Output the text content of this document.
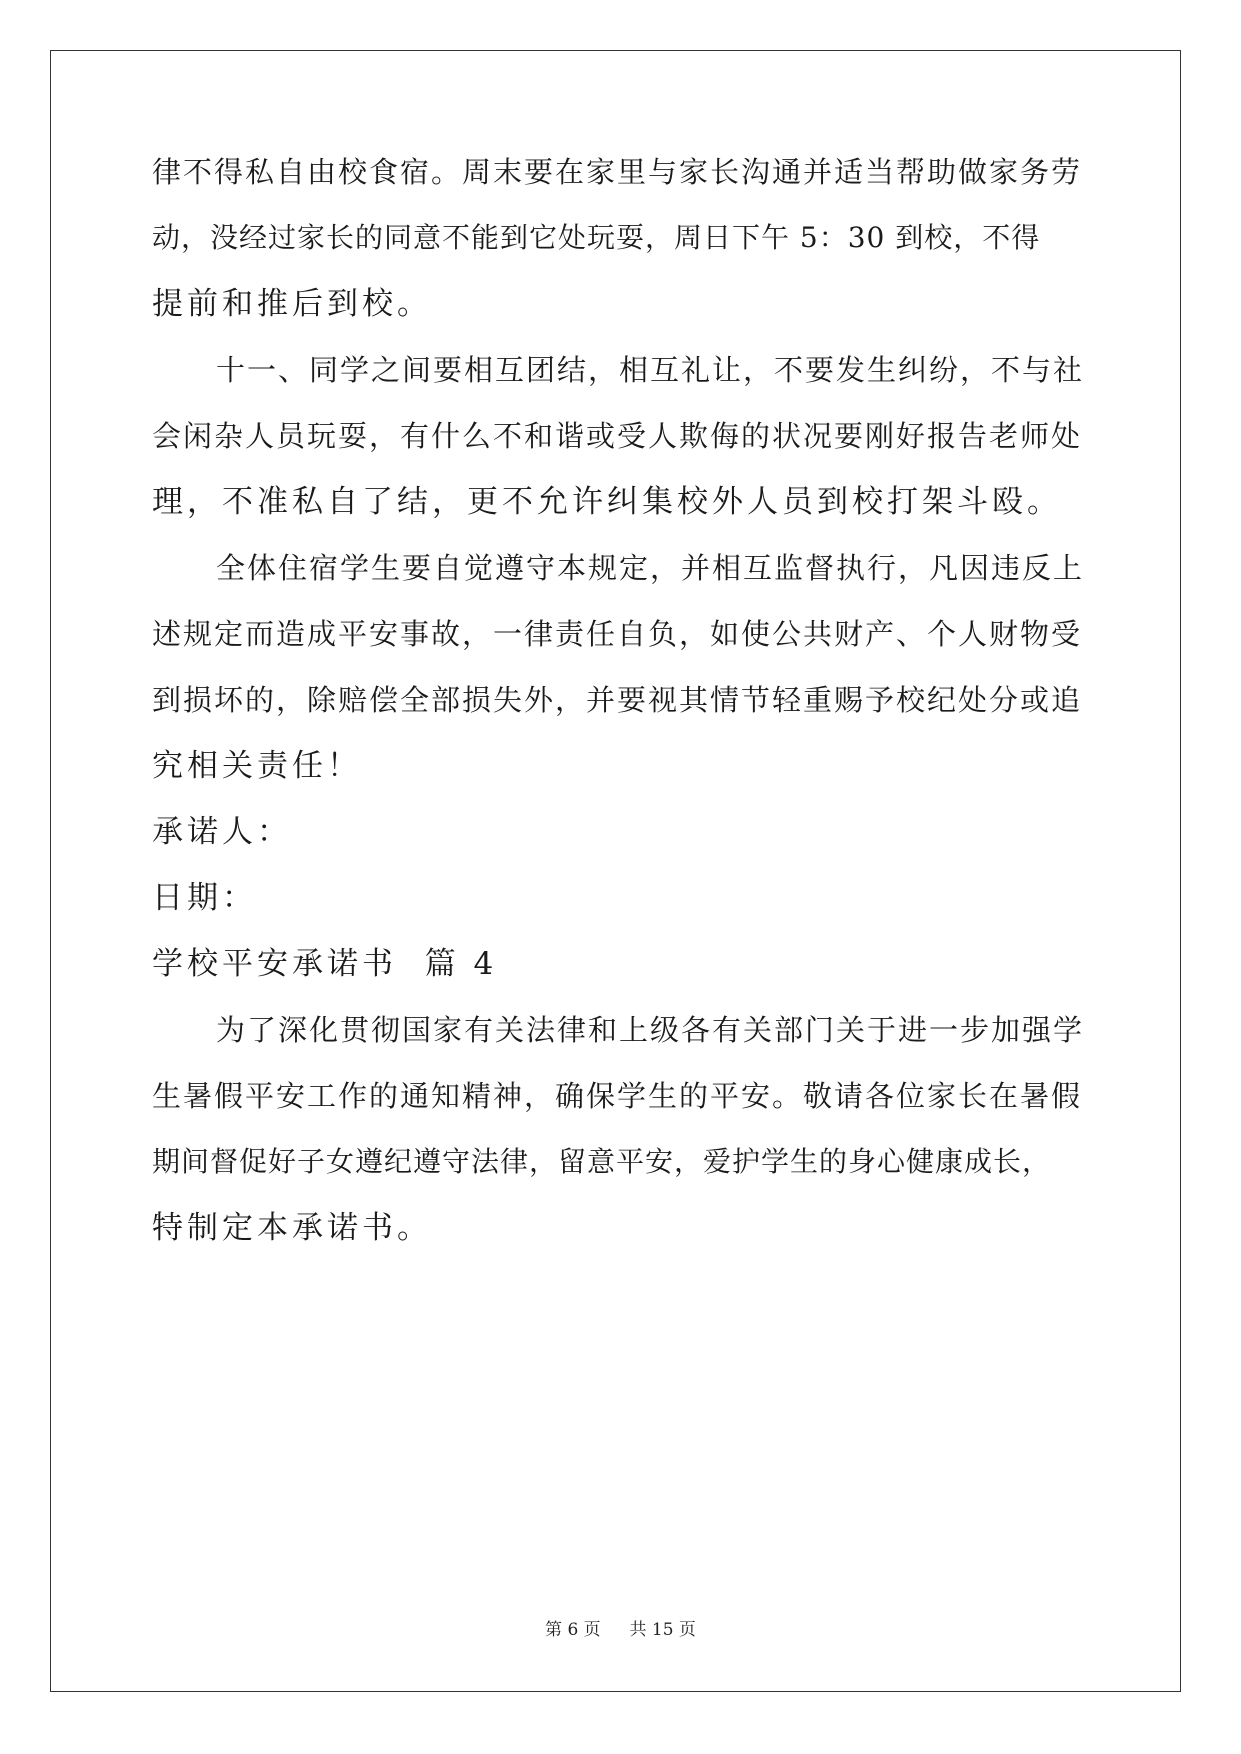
律不得私自由校食宿。周末要在家里与家长沟通并适当帮助做家务劳
动，没经过家长的同意不能到它处玩耍，周日下午 5：30 到校，不得
提前和推后到校。
十一、同学之间要相互团结，相互礼让，不要发生纠纷，不与社
会闲杂人员玩耍，有什么不和谐或受人欺侮的状况要刚好报告老师处
理，不准私自了结，更不允许纠集校外人员到校打架斗殴。
全体住宿学生要自觉遵守本规定，并相互监督执行，凡因违反上
述规定而造成平安事故，一律责任自负，如使公共财产、个人财物受
到损坏的，除赔偿全部损失外，并要视其情节轻重赐予校纪处分或追
究相关责任！
承诺人：
日期：
学校平安承诺书  篇 4
为了深化贯彻国家有关法律和上级各有关部门关于进一步加强学
生暑假平安工作的通知精神，确保学生的平安。敬请各位家长在暑假
期间督促好子女遵纪遵守法律，留意平安，爱护学生的身心健康成长，
特制定本承诺书。
第 6 页 共 15 页
